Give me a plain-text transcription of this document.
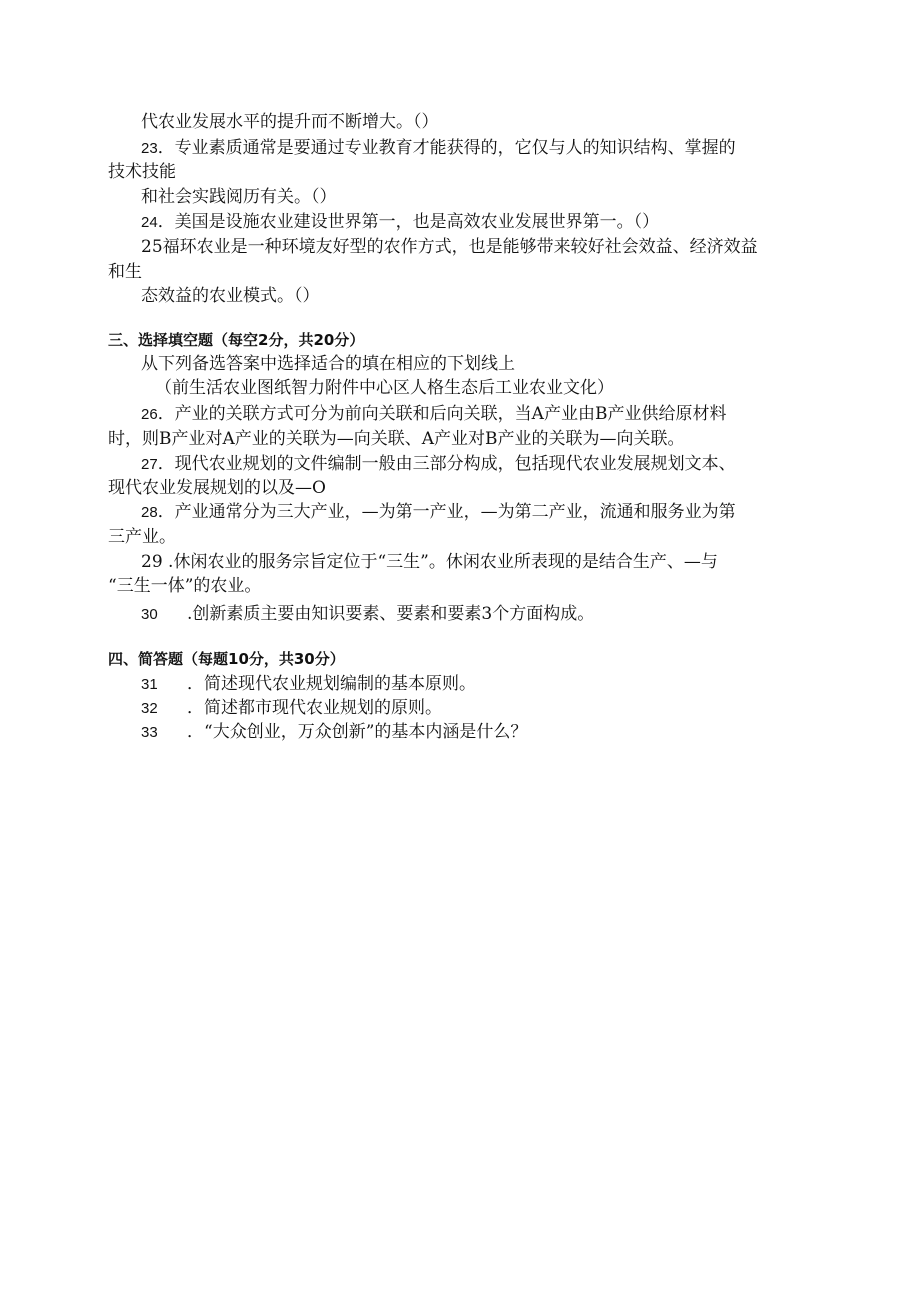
代农业发展水平的提升而不断增大。（）
23．专业素质通常是要通过专业教育才能获得的，它仅与人的知识结构、掌握的
技术技能
和社会实践阅历有关。（）
24．美国是设施农业建设世界第一，也是高效农业发展世界第一。（）
25福环农业是一种环境友好型的农作方式，也是能够带来较好社会效益、经济效益
和生
态效益的农业模式。（）
三、选择填空题（每空2分，共20分）
从下列备选答案中选择适合的填在相应的下划线上
（前生活农业图纸智力附件中心区人格生态后工业农业文化）
26．产业的关联方式可分为前向关联和后向关联，当A产业由B产业供给原材料
时，则B产业对A产业的关联为—向关联、A产业对B产业的关联为—向关联。
27．现代农业规划的文件编制一般由三部分构成，包括现代农业发展规划文本、
现代农业发展规划的以及—O
28．产业通常分为三大产业，—为第一产业，—为第二产业，流通和服务业为第
三产业。
29 .休闲农业的服务宗旨定位于“三生”。休闲农业所表现的是结合生产、—与
“三生一体”的农业。
30 .创新素质主要由知识要素、要素和要素3个方面构成。
四、简答题（每题10分，共30分）
31 ．简述现代农业规划编制的基本原则。
32 ．简述都市现代农业规划的原则。
33 ．“大众创业，万众创新”的基本内涵是什么？
